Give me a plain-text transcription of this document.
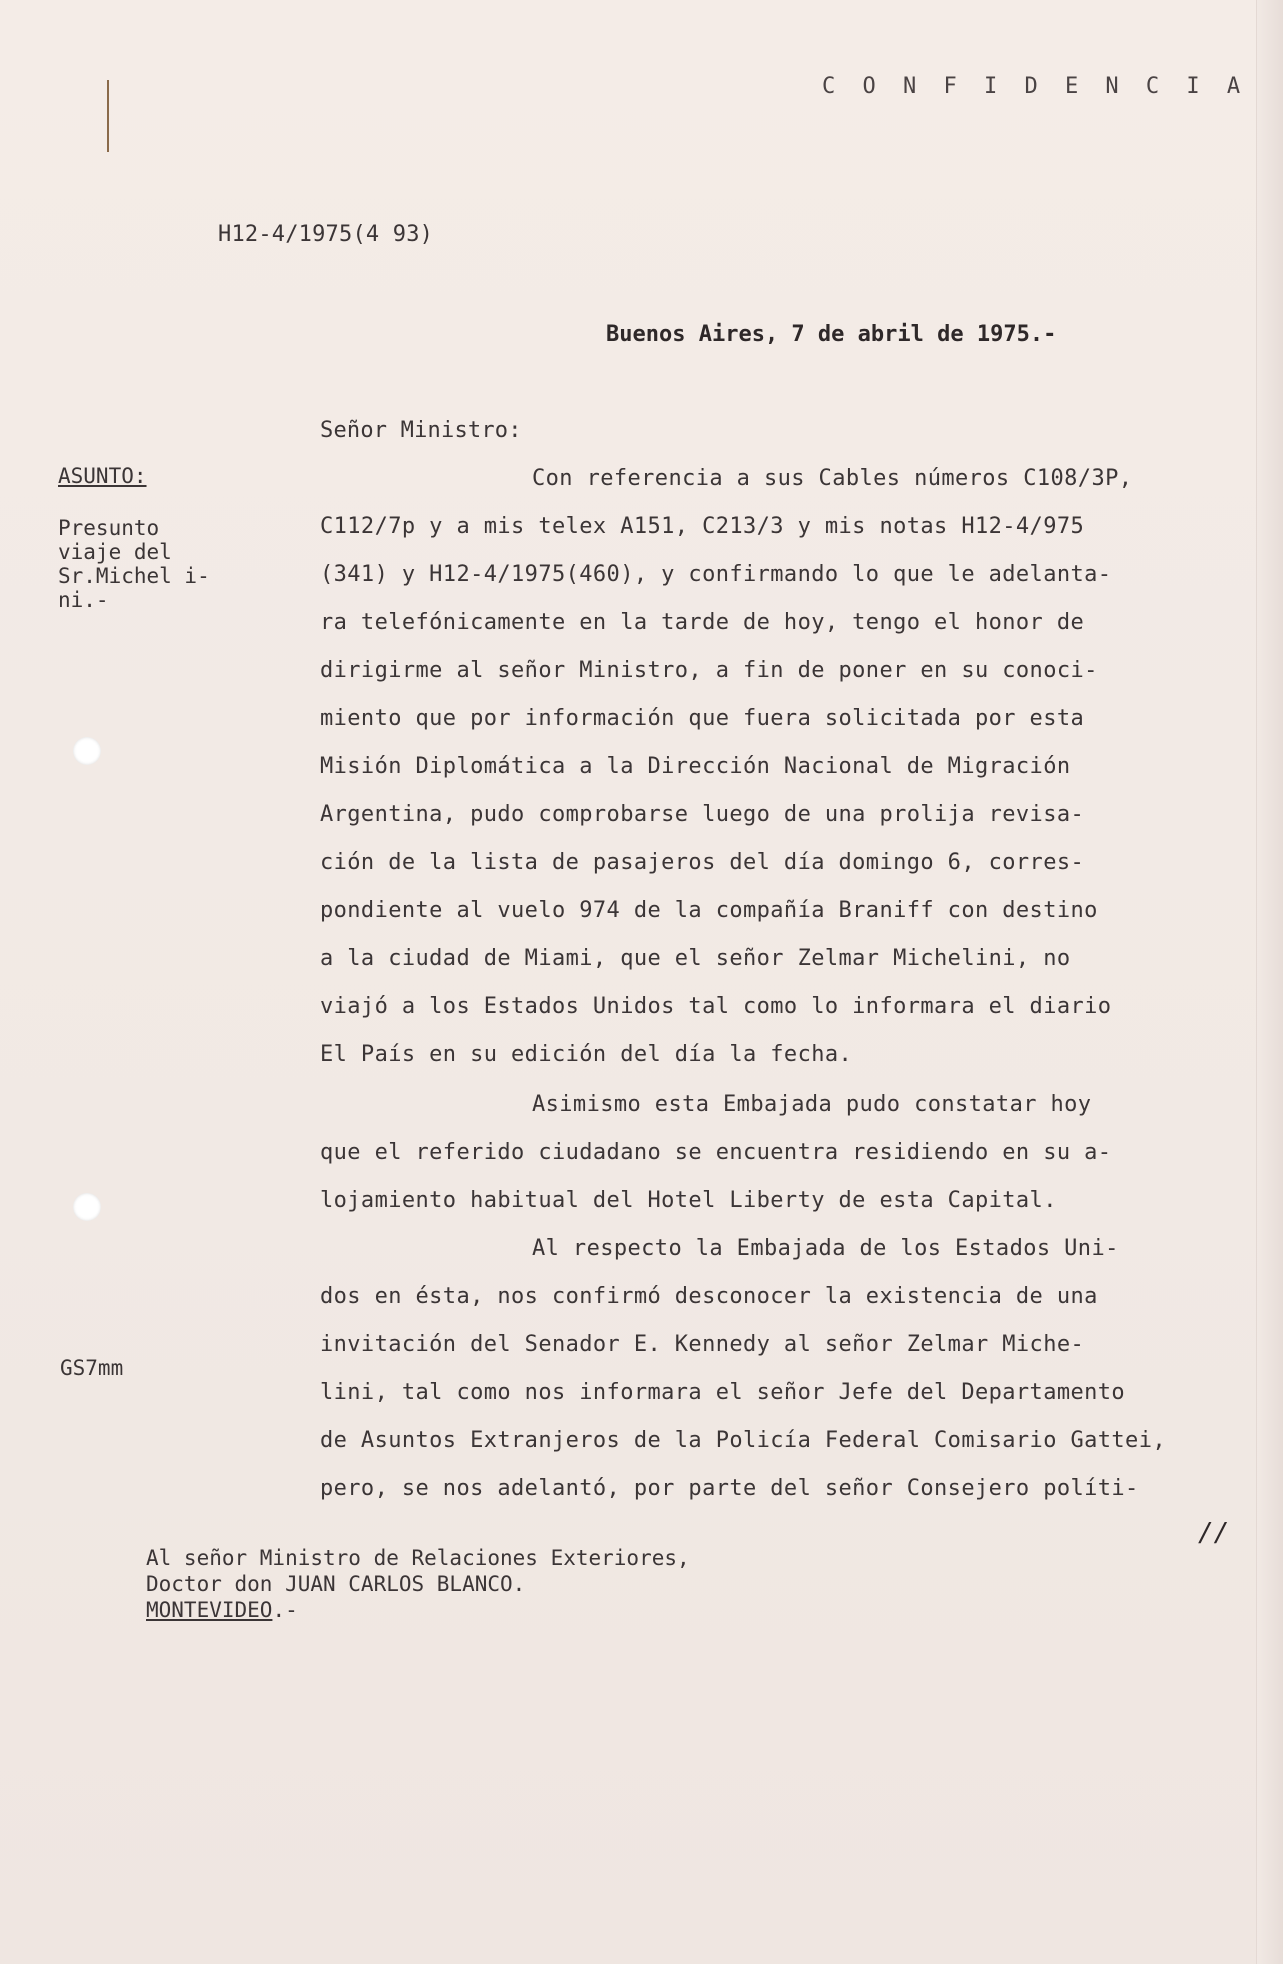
C O N F I D E N C I A
H12-4/1975(4 93)
Buenos Aires, 7 de abril de 1975.-
Señor Ministro:
ASUNTO:
Presunto
viaje del
Sr.Michel i-
ni.-
GS7mm
Con referencia a sus Cables números C108/3P,
C112/7p y a mis telex A151, C213/3 y mis notas H12-4/975
(341) y H12-4/1975(460), y confirmando lo que le adelanta-
ra telefónicamente en la tarde de hoy, tengo el honor de
dirigirme al señor Ministro, a fin de poner en su conoci-
miento que por información que fuera solicitada por esta
Misión Diplomática a la Dirección Nacional de Migración
Argentina, pudo comprobarse luego de una prolija revisa-
ción de la lista de pasajeros del día domingo 6, corres-
pondiente al vuelo 974 de la compañía Braniff con destino
a la ciudad de Miami, que el señor Zelmar Michelini, no
viajó a los Estados Unidos tal como lo informara el diario
El País en su edición del día la fecha.
Asimismo esta Embajada pudo constatar hoy
que el referido ciudadano se encuentra residiendo en su a-
lojamiento habitual del Hotel Liberty de esta Capital.
Al respecto la Embajada de los Estados Uni-
dos en ésta, nos confirmó desconocer la existencia de una
invitación del Senador E. Kennedy al señor Zelmar Miche-
lini, tal como nos informara el señor Jefe del Departamento
de Asuntos Extranjeros de la Policía Federal Comisario Gattei,
pero, se nos adelantó, por parte del señor Consejero políti-
//
Al señor Ministro de Relaciones Exteriores,
Doctor don JUAN CARLOS BLANCO.
MONTEVIDEO.-
